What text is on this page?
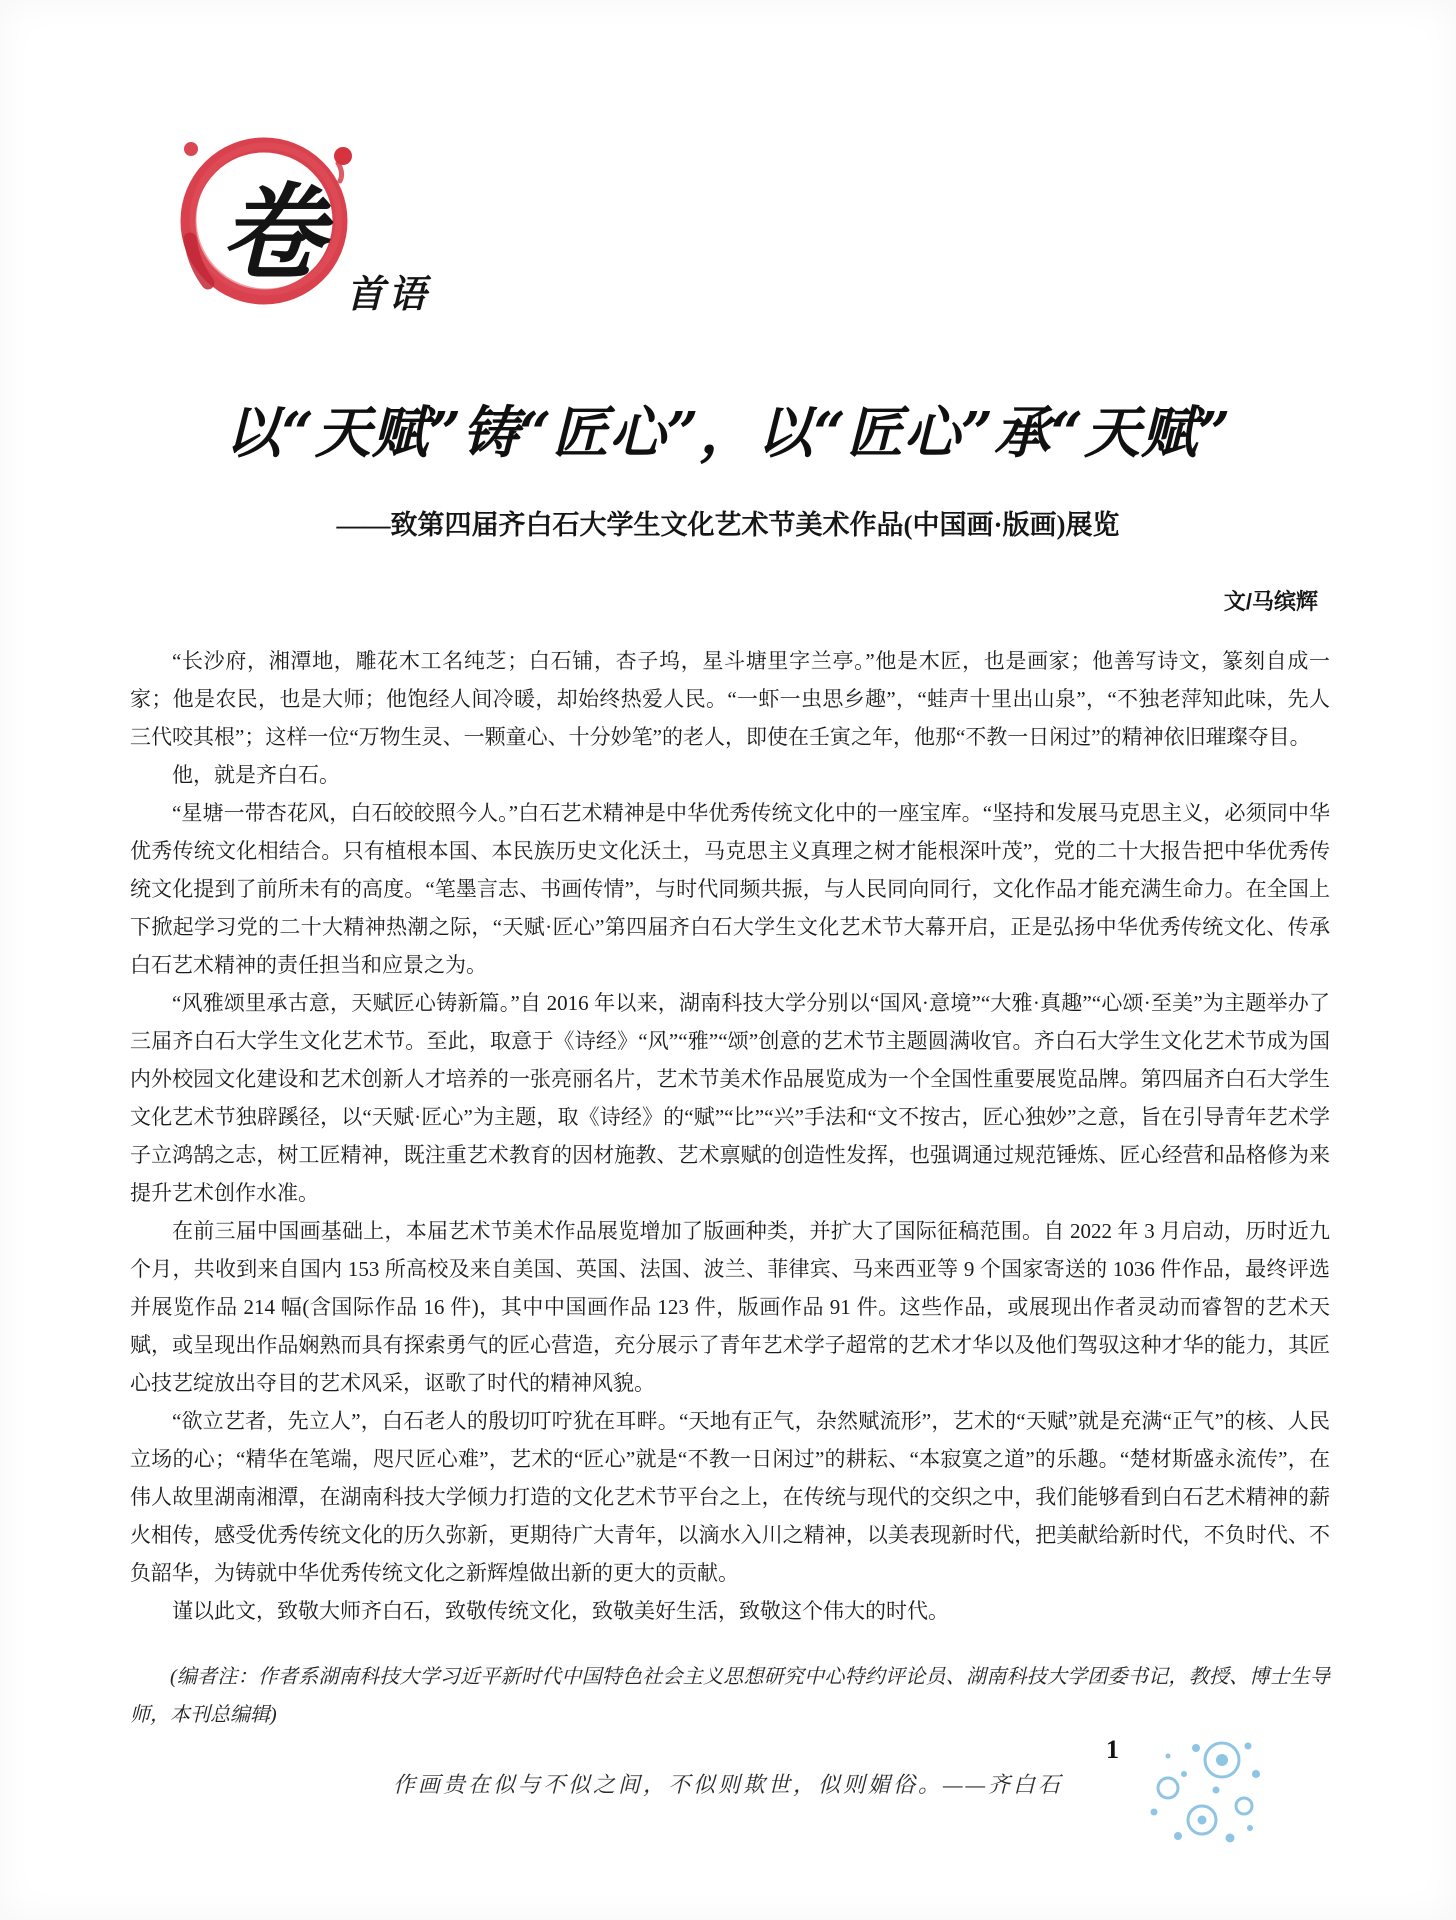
卷
首语
以“天赋”铸“匠心”，以“匠心”承“天赋”
——致第四届齐白石大学生文化艺术节美术作品(中国画·版画)展览
文/马缤辉

“长沙府，湘潭地，雕花木工名纯芝；白石铺，杏子坞，星斗塘里字兰亭。”他是木匠，也是画家；他善写诗文，篆刻自成一家；他是农民，也是大师；他饱经人间冷暖，却始终热爱人民。“一虾一虫思乡趣”，“蛙声十里出山泉”，“不独老萍知此味，先人三代咬其根”；这样一位“万物生灵、一颗童心、十分妙笔”的老人，即使在壬寅之年，他那“不教一日闲过”的精神依旧璀璨夺目。

他，就是齐白石。

“星塘一带杏花风，白石皎皎照今人。”白石艺术精神是中华优秀传统文化中的一座宝库。“坚持和发展马克思主义，必须同中华优秀传统文化相结合。只有植根本国、本民族历史文化沃土，马克思主义真理之树才能根深叶茂”，党的二十大报告把中华优秀传统文化提到了前所未有的高度。“笔墨言志、书画传情”，与时代同频共振，与人民同向同行，文化作品才能充满生命力。在全国上下掀起学习党的二十大精神热潮之际，“天赋·匠心”第四届齐白石大学生文化艺术节大幕开启，正是弘扬中华优秀传统文化、传承白石艺术精神的责任担当和应景之为。

“风雅颂里承古意，天赋匠心铸新篇。”自 2016 年以来，湖南科技大学分别以“国风·意境”“大雅·真趣”“心颂·至美”为主题举办了三届齐白石大学生文化艺术节。至此，取意于《诗经》“风”“雅”“颂”创意的艺术节主题圆满收官。齐白石大学生文化艺术节成为国内外校园文化建设和艺术创新人才培养的一张亮丽名片，艺术节美术作品展览成为一个全国性重要展览品牌。第四届齐白石大学生文化艺术节独辟蹊径，以“天赋·匠心”为主题，取《诗经》的“赋”“比”“兴”手法和“文不按古，匠心独妙”之意，旨在引导青年艺术学子立鸿鹄之志，树工匠精神，既注重艺术教育的因材施教、艺术禀赋的创造性发挥，也强调通过规范锤炼、匠心经营和品格修为来提升艺术创作水准。

在前三届中国画基础上，本届艺术节美术作品展览增加了版画种类，并扩大了国际征稿范围。自 2022 年 3 月启动，历时近九个月，共收到来自国内 153 所高校及来自美国、英国、法国、波兰、菲律宾、马来西亚等 9 个国家寄送的 1036 件作品，最终评选并展览作品 214 幅(含国际作品 16 件)，其中中国画作品 123 件，版画作品 91 件。这些作品，或展现出作者灵动而睿智的艺术天赋，或呈现出作品娴熟而具有探索勇气的匠心营造，充分展示了青年艺术学子超常的艺术才华以及他们驾驭这种才华的能力，其匠心技艺绽放出夺目的艺术风采，讴歌了时代的精神风貌。

“欲立艺者，先立人”，白石老人的殷切叮咛犹在耳畔。“天地有正气，杂然赋流形”，艺术的“天赋”就是充满“正气”的核、人民立场的心；“精华在笔端，咫尺匠心难”，艺术的“匠心”就是“不教一日闲过”的耕耘、“本寂寞之道”的乐趣。“楚材斯盛永流传”，在伟人故里湖南湘潭，在湖南科技大学倾力打造的文化艺术节平台之上，在传统与现代的交织之中，我们能够看到白石艺术精神的薪火相传，感受优秀传统文化的历久弥新，更期待广大青年，以滴水入川之精神，以美表现新时代，把美献给新时代，不负时代、不负韶华，为铸就中华优秀传统文化之新辉煌做出新的更大的贡献。

谨以此文，致敬大师齐白石，致敬传统文化，致敬美好生活，致敬这个伟大的时代。

(编者注：作者系湖南科技大学习近平新时代中国特色社会主义思想研究中心特约评论员、湖南科技大学团委书记，教授、博士生导师，本刊总编辑)

作画贵在似与不似之间，不似则欺世，似则媚俗。——齐白石
1
